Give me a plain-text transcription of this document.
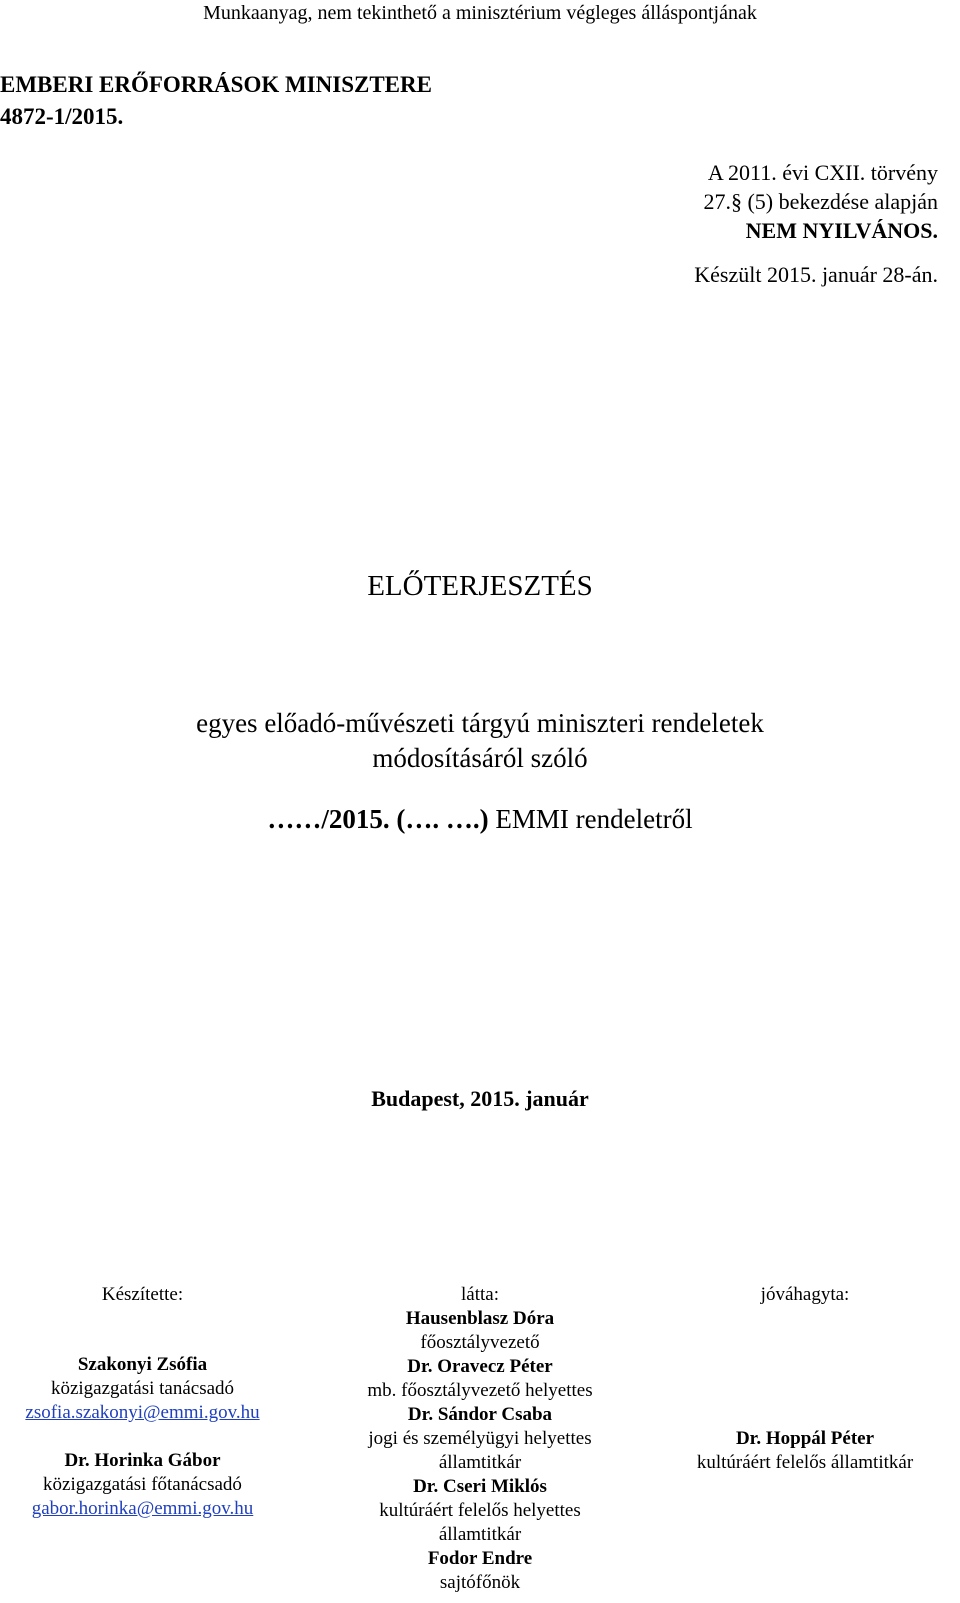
Munkaanyag, nem tekinthető a minisztérium végleges álláspontjának
EMBERI ERŐFORRÁSOK MINISZTERE
4872-1/2015.
A 2011. évi CXII. törvény
27.§ (5) bekezdése alapján
NEM NYILVÁNOS.
Készült 2015. január 28-án.
ELŐTERJESZTÉS
egyes előadó-művészeti tárgyú miniszteri rendeletek
módosításáról szóló
……/2015. (…. ….) EMMI rendeletről
Budapest, 2015. január
Készítette:
Szakonyi Zsófia
közigazgatási tanácsadó
zsofia.szakonyi@emmi.gov.hu
Dr. Horinka Gábor
közigazgatási főtanácsadó
gabor.horinka@emmi.gov.hu
látta:
Hausenblasz Dóra
főosztályvezető
Dr. Oravecz Péter
mb. főosztályvezető helyettes
Dr. Sándor Csaba
jogi és személyügyi helyettes
államtitkár
Dr. Cseri Miklós
kultúráért felelős helyettes
államtitkár
Fodor Endre
sajtófőnök
jóváhagyta:
Dr. Hoppál Péter
kultúráért felelős államtitkár
